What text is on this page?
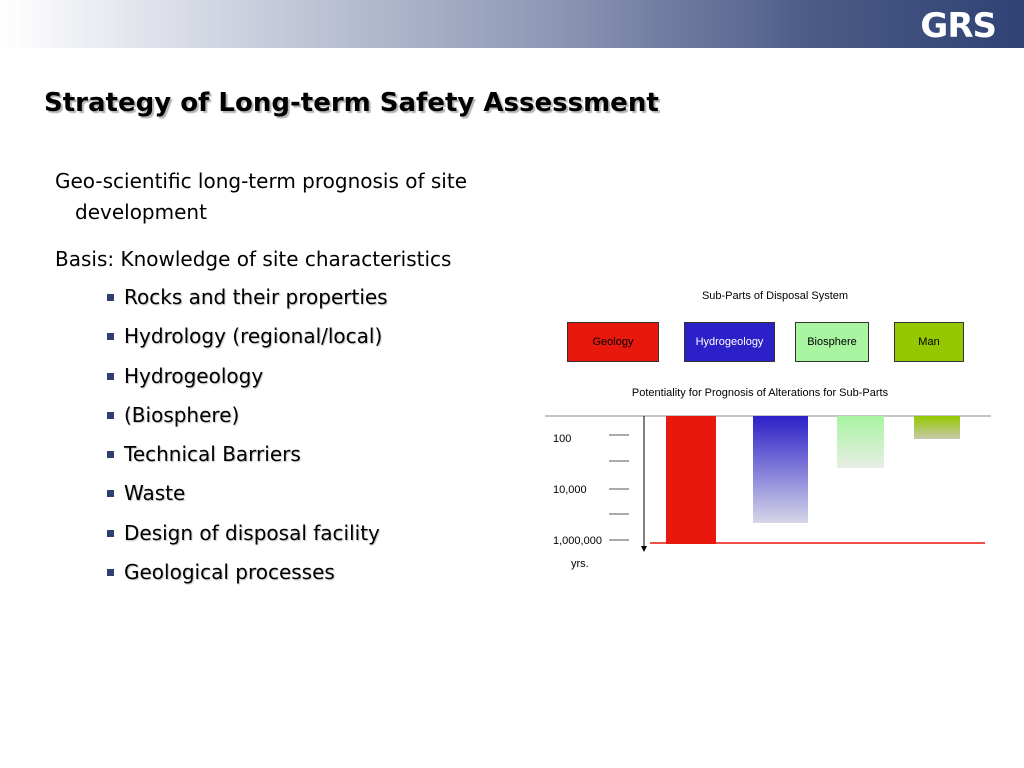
GRS
Strategy of Long-term Safety Assessment

Geo-scientific long-term prognosis of site development

Basis: Knowledge of site characteristics

Rocks and their properties
Hydrology (regional/local)
Hydrogeology
(Biosphere)
Technical Barriers
Waste
Design of disposal facility
Geological processes
Sub-Parts of Disposal System
Geology	Hydrogeology	Biosphere	Man
Potentiality for Prognosis of Alterations for Sub-Parts
100
10,000
1,000,000
yrs.
